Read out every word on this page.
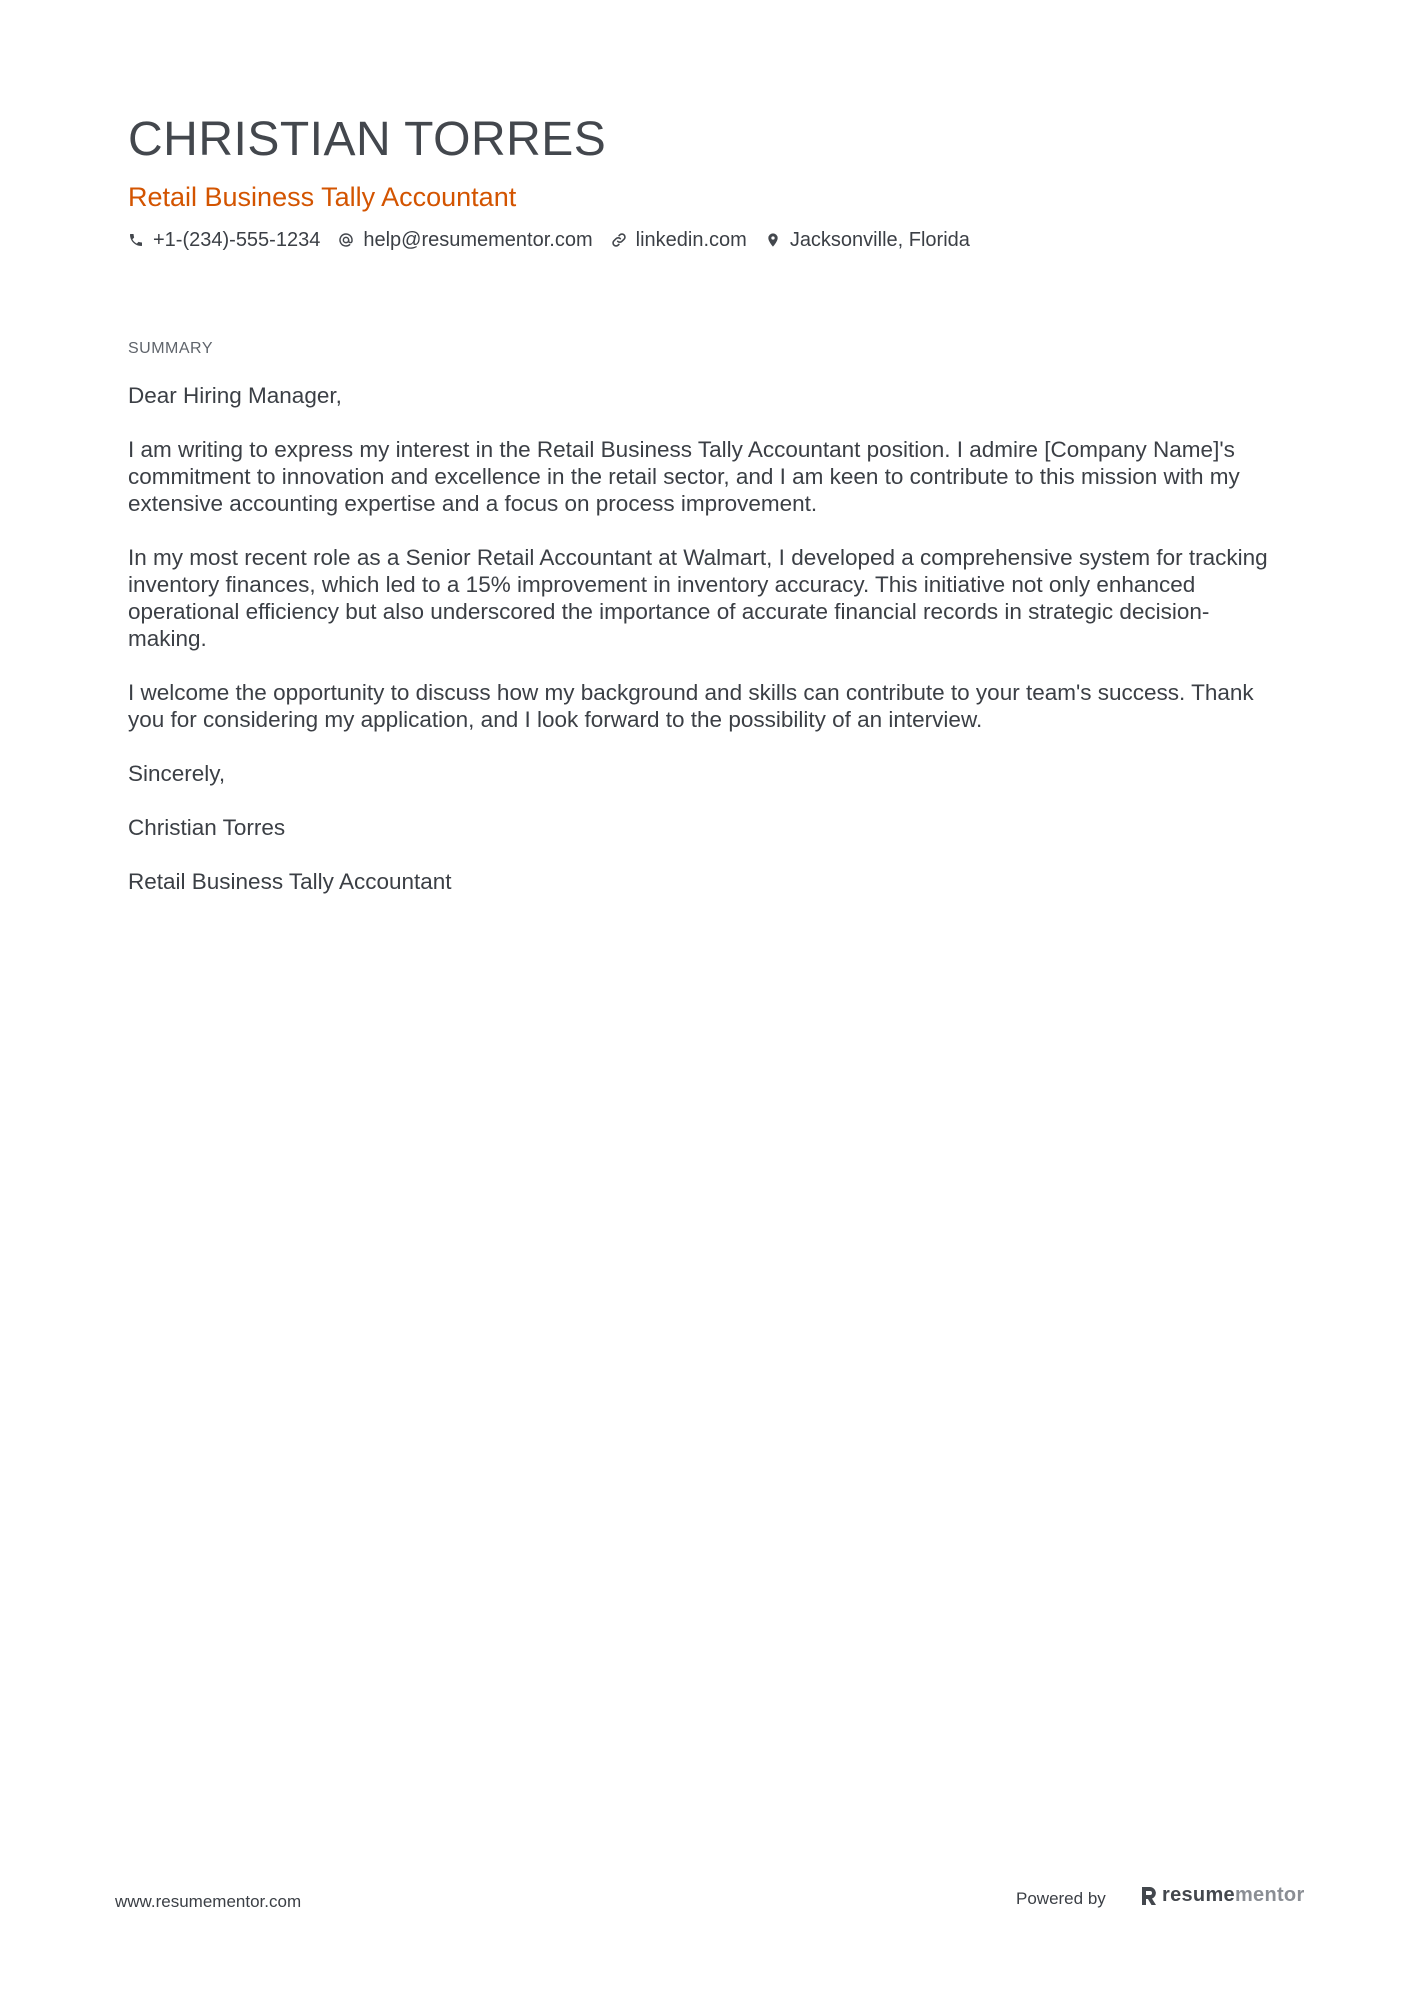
CHRISTIAN TORRES
Retail Business Tally Accountant
+1-(234)-555-1234 help@resumementor.com linkedin.com Jacksonville, Florida
SUMMARY

Dear Hiring Manager,

I am writing to express my interest in the Retail Business Tally Accountant position. I admire [Company Name]'s commitment to innovation and excellence in the retail sector, and I am keen to contribute to this mission with my extensive accounting expertise and a focus on process improvement.

In my most recent role as a Senior Retail Accountant at Walmart, I developed a comprehensive system for tracking inventory finances, which led to a 15% improvement in inventory accuracy. This initiative not only enhanced operational efficiency but also underscored the importance of accurate financial records in strategic decision-making.

I welcome the opportunity to discuss how my background and skills can contribute to your team's success. Thank you for considering my application, and I look forward to the possibility of an interview.

Sincerely,

Christian Torres

Retail Business Tally Accountant

www.resumementor.com	Powered by	resume mentor
